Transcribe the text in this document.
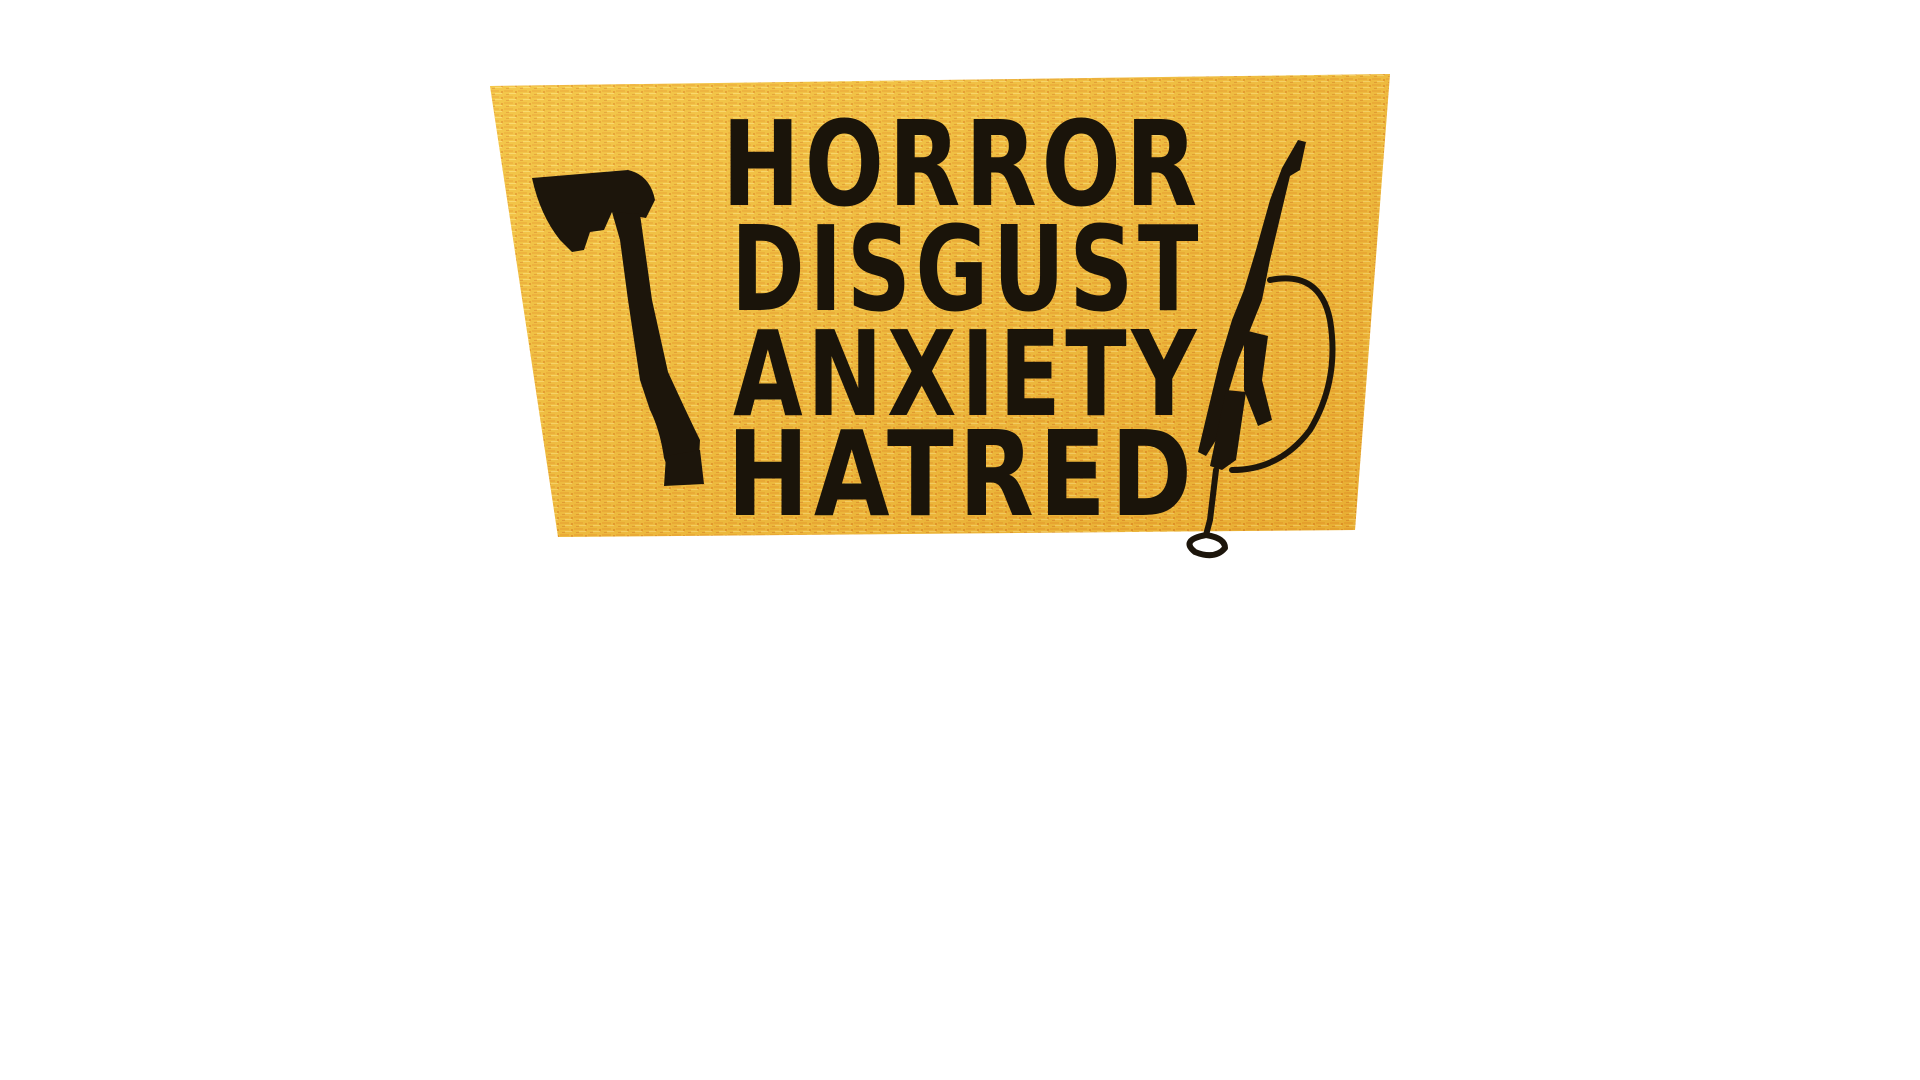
HORROR
DISGUST
ANXIETY
HATRED
